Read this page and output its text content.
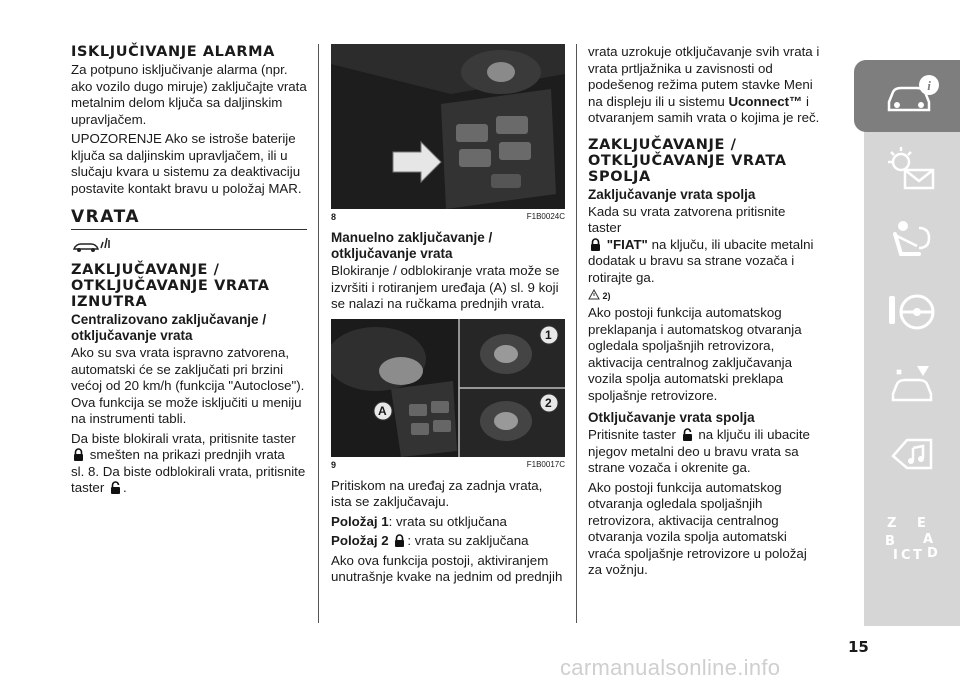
ISKLJUČIVANJE ALARMA

Za potpuno isključivanje alarma (npr. ako vozilo dugo miruje) zaključajte vrata metalnim delom ključa sa daljinskim upravljačem.

UPOZORENJE Ako se istroše baterije ključa sa daljinskim upravljačem, ili u slučaju kvara u sistemu za deaktivaciju postavite kontakt bravu u položaj MAR.

VRATA
ZAKLJUČAVANJE / OTKLJUČAVANJE VRATA IZNUTRA
Centralizovano zaključavanje / otključavanje vrata

Ako su sva vrata ispravno zatvorena, automatski će se zaključati pri brzini većoj od 20 km/h (funkcija "Autoclose"). Ova funkcija se može isključiti u meniju na instrumenti tabli.

Da biste blokirali vrata, pritisnite taster
smešten na prikazi prednjih vrata
sl. 8. Da biste odblokirali vrata, pritisnite taster .

8	F1B0024C
Manuelno zaključavanje / otključavanje vrata

Blokiranje / odblokiranje vrata može se izvršiti i rotiranjem uređaja (A) sl. 9 koji se nalazi na ručkama prednjih vrata.

A
1
2
9	F1B0017C

Pritiskom na uređaj za zadnja vrata, ista se zaključavaju.

Položaj 1: vrata su otključana

Položaj 2 : vrata su zaključana

Ako ova funkcija postoji, aktiviranjem unutrašnje kvake na jednim od prednjih

vrata uzrokuje otključavanje svih vrata i vrata prtljažnika u zavisnosti od podešenog režima putem stavke Meni na displeju ili u sistemu Uconnect™ i otvaranjem samih vrata o kojima je reč.

ZAKLJUČAVANJE / OTKLJUČAVANJE VRATA SPOLJA
Zaključavanje vrata spolja

Kada su vrata zatvorena pritisnite taster
"FIAT" na ključu, ili ubacite metalni dodatak u bravu sa strane vozača i rotirajte ga.

2)

Ako postoji funkcija automatskog preklapanja i automatskog otvaranja ogledala spoljašnjih retrovizora, aktivacija centralnog zaključavanja vozila spolja automatski preklapa spoljašnje retrovizore.

Otključavanje vrata spolja

Pritisnite taster na ključu ili ubacite njegov metalni deo u bravu vrata sa strane vozača i okrenite ga.

Ako postoji funkcija automatskog otvaranja ogledala spoljašnjih retrovizora, aktivacija centralnog otvaranja vozila spolja automatski vraća spoljašnje retrovizore u položaj za vožnju.

i
Z E
B A
C T
I D
15
carmanualsonline.info
